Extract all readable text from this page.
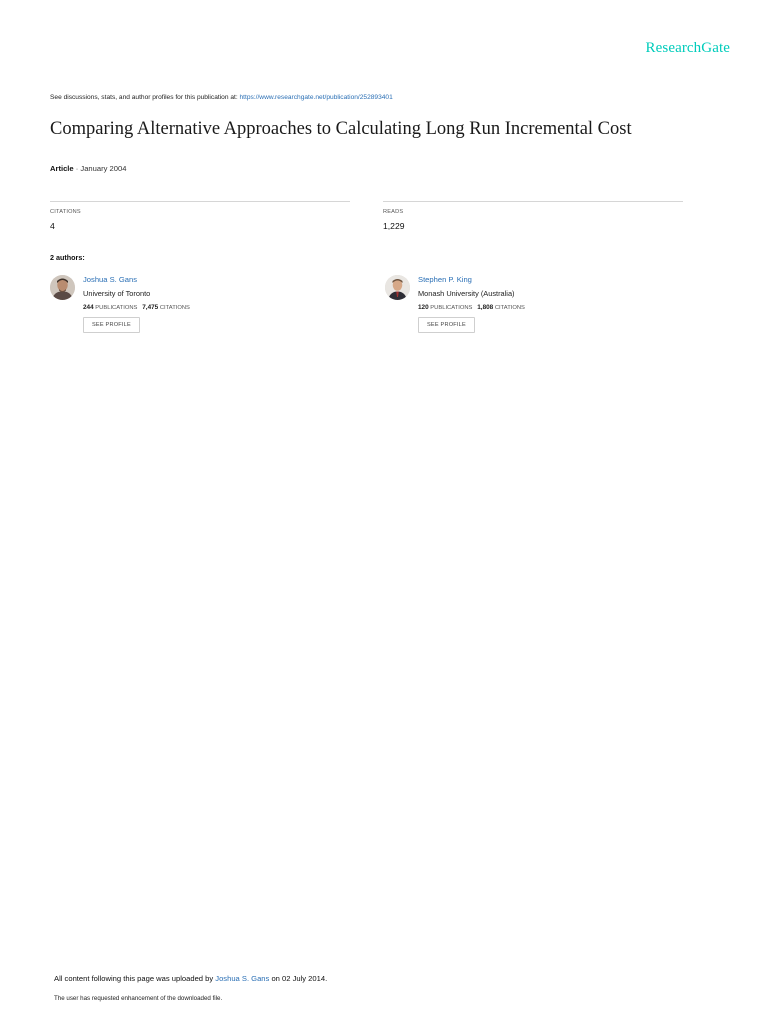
ResearchGate
See discussions, stats, and author profiles for this publication at: https://www.researchgate.net/publication/252893401
Comparing Alternative Approaches to Calculating Long Run Incremental Cost
Article · January 2004
CITATIONS
4
READS
1,229
2 authors:
Joshua S. Gans
University of Toronto
244 PUBLICATIONS 7,475 CITATIONS
SEE PROFILE
Stephen P. King
Monash University (Australia)
120 PUBLICATIONS 1,808 CITATIONS
SEE PROFILE
All content following this page was uploaded by Joshua S. Gans on 02 July 2014.
The user has requested enhancement of the downloaded file.
